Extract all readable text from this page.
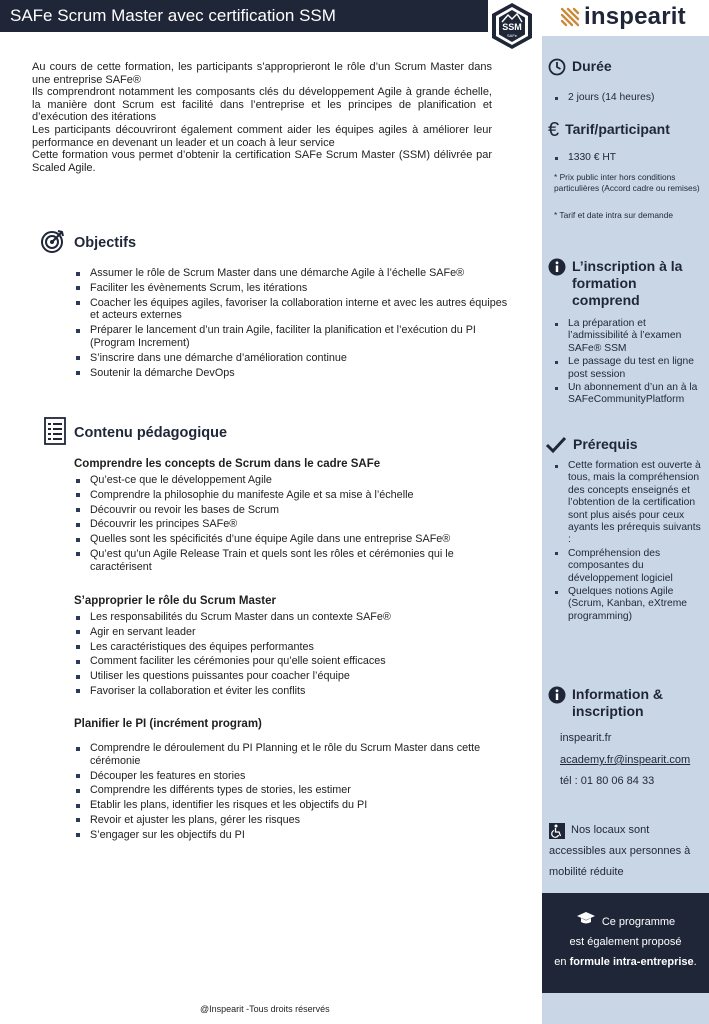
SAFe Scrum Master avec certification SSM
SSM
SAFe
inspearit

Au cours de cette formation, les participants s’approprieront le rôle d’un Scrum Master dans une entreprise SAFe®

Ils comprendront notamment les composants clés du développement Agile à grande échelle, la manière dont Scrum est facilité dans l’entreprise et les principes de planification et d’exécution des itérations

Les participants découvriront également comment aider les équipes agiles à améliorer leur performance en devenant un leader et un coach à leur service

Cette formation vous permet d’obtenir la certification SAFe Scrum Master (SSM) délivrée par Scaled Agile.

Objectifs
Assumer le rôle de Scrum Master dans une démarche Agile à l’échelle SAFe®
Faciliter les évènements Scrum, les itérations
Coacher les équipes agiles, favoriser la collaboration interne et avec les autres équipes et acteurs externes
Préparer le lancement d’un train Agile, faciliter la planification et l’exécution du PI (Program Increment)
S’inscrire dans une démarche d’amélioration continue
Soutenir la démarche DevOps
Contenu pédagogique
Comprendre les concepts de Scrum dans le cadre SAFe
Qu’est-ce que le développement Agile
Comprendre la philosophie du manifeste Agile et sa mise à l’échelle
Découvrir ou revoir les bases de Scrum
Découvrir les principes SAFe®
Quelles sont les spécificités d’une équipe Agile dans une entreprise SAFe®
Qu’est qu’un Agile Release Train et quels sont les rôles et cérémonies qui le caractérisent
S’approprier le rôle du Scrum Master
Les responsabilités du Scrum Master dans un contexte SAFe®
Agir en servant leader
Les caractéristiques des équipes performantes
Comment faciliter les cérémonies pour qu’elle soient efficaces
Utiliser les questions puissantes pour coacher l’équipe
Favoriser la collaboration et éviter les conflits
Planifier le PI (incrément program)
Comprendre le déroulement du PI Planning et le rôle du Scrum Master dans cette cérémonie
Découper les features en stories
Comprendre les différents types de stories, les estimer
Etablir les plans, identifier les risques et les objectifs du PI
Revoir et ajuster les plans, gérer les risques
S’engager sur les objectifs du PI
Durée
2 jours (14 heures)
€ Tarif/participant
1330 € HT
* Prix public inter hors conditions particulières (Accord cadre ou remises)
* Tarif et date intra sur demande
L’inscription à la formation comprend
La préparation et l’admissibilité à l’examen SAFe® SSM
Le passage du test en ligne post session
Un abonnement d’un an à la SAFeCommunityPlatform
Prérequis
Cette formation est ouverte à tous, mais la compréhension des concepts enseignés et l’obtention de la certification sont plus aisés pour ceux ayants les prérequis suivants :
Compréhension des composantes du développement logiciel
Quelques notions Agile (Scrum, Kanban, eXtreme programming)
Information & inscription
inspearit.fr
academy.fr@inspearit.com
tél : 01 80 06 84 33
Nos locaux sont
accessibles aux personnes à
mobilité réduite
Ce programme
est également proposé
en formule intra-entreprise.
@Inspearit -Tous droits réservés
